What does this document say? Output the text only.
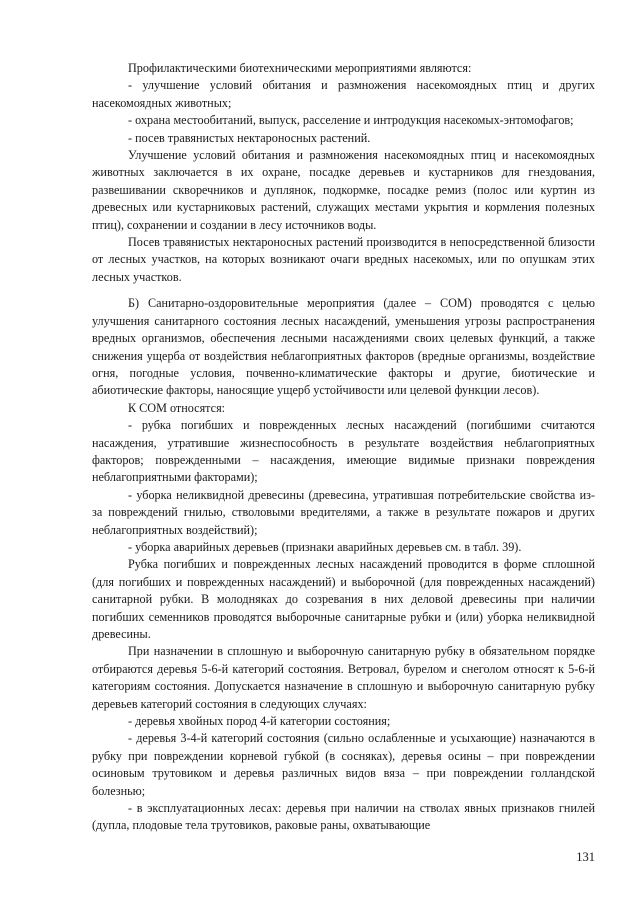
Профилактическими биотехническими мероприятиями являются:

- улучшение условий обитания и размножения насекомоядных птиц и других насекомоядных животных;

- охрана местообитаний, выпуск, расселение и интродукция насекомых-энтомофагов;

- посев травянистых нектароносных растений.

Улучшение условий обитания и размножения насекомоядных птиц и насекомоядных животных заключается в их охране, посадке деревьев и кустарников для гнездования, развешивании скворечников и дуплянок, подкормке, посадке ремиз (полос или куртин из древесных или кустарниковых растений, служащих местами укрытия и кормления полезных птиц), сохранении и создании в лесу источников воды.

Посев травянистых нектароносных растений производится в непосредственной близости от лесных участков, на которых возникают очаги вредных насекомых, или по опушкам этих лесных участков.

Б) Санитарно-оздоровительные мероприятия (далее – СОМ) проводятся с целью улучшения санитарного состояния лесных насаждений, уменьшения угрозы распространения вредных организмов, обеспечения лесными насаждениями своих целевых функций, а также снижения ущерба от воздействия неблагоприятных факторов (вредные организмы, воздействие огня, погодные условия, почвенно-климатические факторы и другие, биотические и абиотические факторы, наносящие ущерб устойчивости или целевой функции лесов).

К СОМ относятся:

- рубка погибших и поврежденных лесных насаждений (погибшими считаются насаждения, утратившие жизнеспособность в результате воздействия неблагоприятных факторов; поврежденными – насаждения, имеющие видимые признаки повреждения неблагоприятными факторами);

- уборка неликвидной древесины (древесина, утратившая потребительские свойства из-за повреждений гнилью, стволовыми вредителями, а также в результате пожаров и других неблагоприятных воздействий);

- уборка аварийных деревьев (признаки аварийных деревьев см. в табл. 39).

Рубка погибших и поврежденных лесных насаждений проводится в форме сплошной (для погибших и поврежденных насаждений) и выборочной (для поврежденных насаждений) санитарной рубки. В молодняках до созревания в них деловой древесины при наличии погибших семенников проводятся выборочные санитарные рубки и (или) уборка неликвидной древесины.

При назначении в сплошную и выборочную санитарную рубку в обязательном порядке отбираются деревья 5-6-й категорий состояния. Ветровал, бурелом и снеголом относят к 5-6-й категориям состояния. Допускается назначение в сплошную и выборочную санитарную рубку деревьев категорий состояния в следующих случаях:

- деревья хвойных пород 4-й категории состояния;

- деревья 3-4-й категорий состояния (сильно ослабленные и усыхающие) назначаются в рубку при повреждении корневой губкой (в сосняках), деревья осины – при повреждении осиновым трутовиком и деревья различных видов вяза – при повреждении голландской болезнью;

- в эксплуатационных лесах: деревья при наличии на стволах явных признаков гнилей (дупла, плодовые тела трутовиков, раковые раны, охватывающие

131
